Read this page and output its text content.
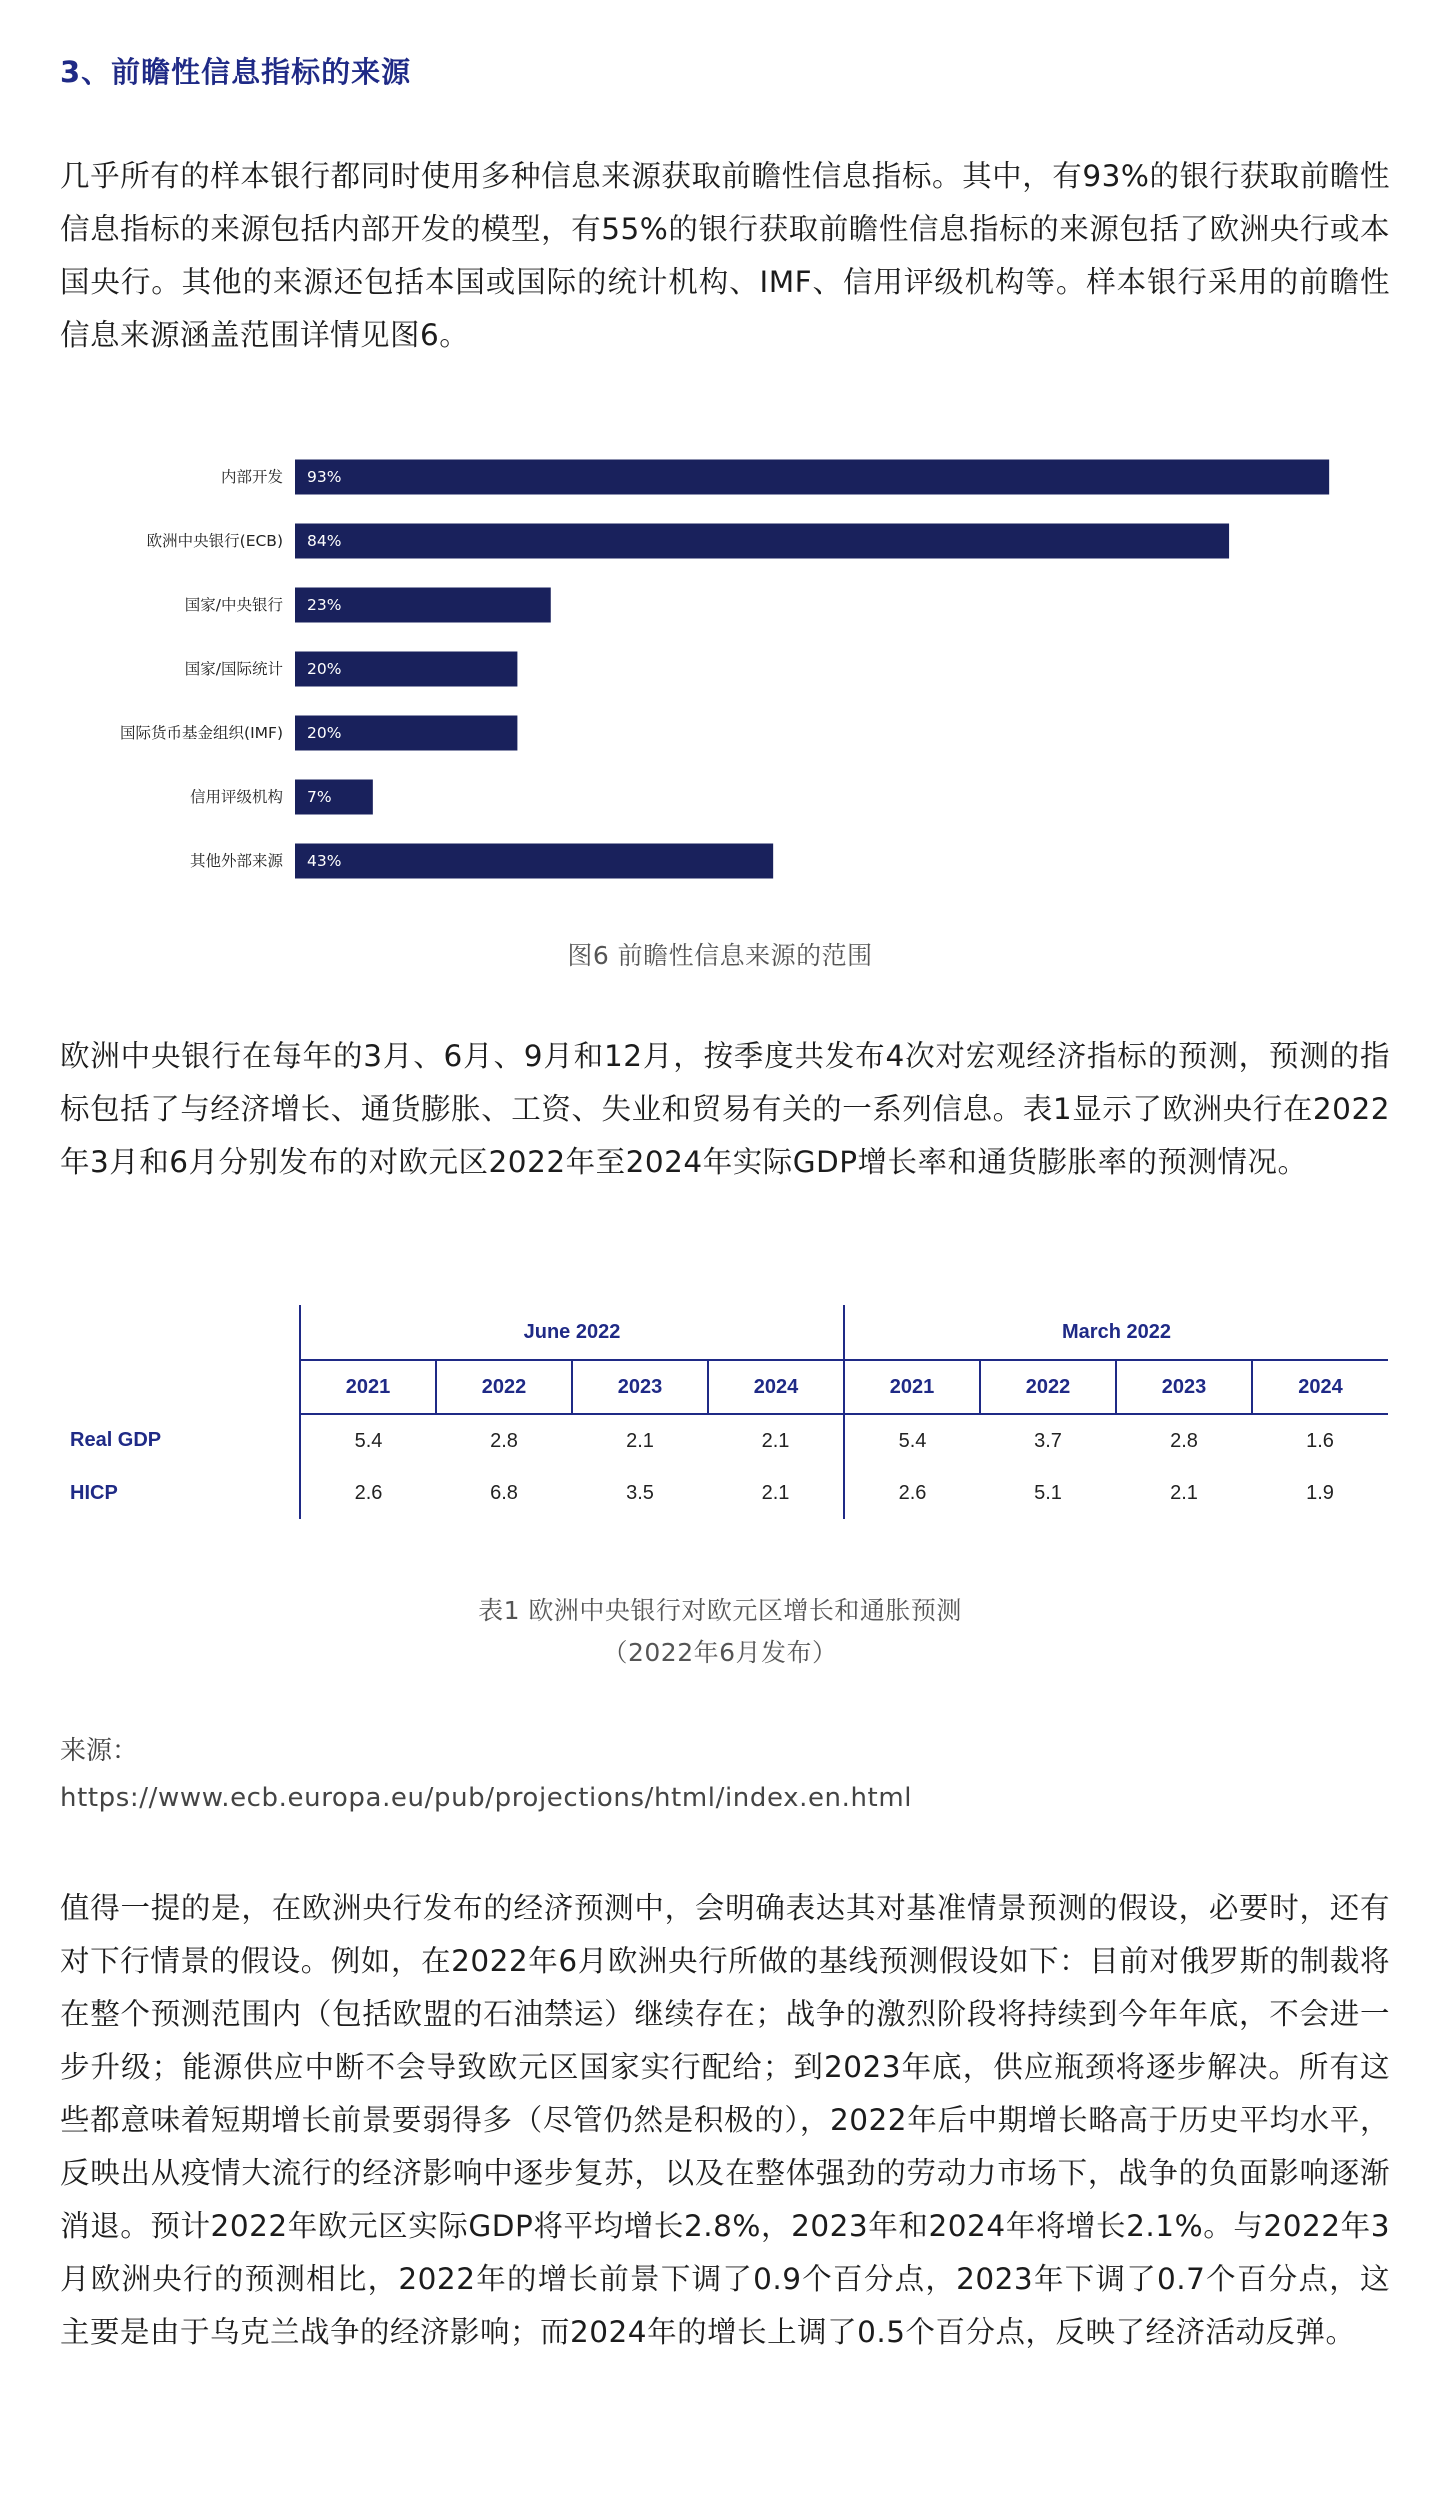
3、前瞻性信息指标的来源

几乎所有的样本银行都同时使用多种信息来源获取前瞻性信息指标。其中，有93%的银行获取前瞻性信息指标的来源包括内部开发的模型，有55%的银行获取前瞻性信息指标的来源包括了欧洲央行或本国央行。其他的来源还包括本国或国际的统计机构、IMF、信用评级机构等。样本银行采用的前瞻性信息来源涵盖范围详情见图6。

内部开发 93%
欧洲中央银行(ECB) 84%
国家/中央银行 23%
国家/国际统计 20%
国际货币基金组织(IMF) 20%
信用评级机构 7%
其他外部来源 43%

图6 前瞻性信息来源的范围

欧洲中央银行在每年的3月、6月、9月和12月，按季度共发布4次对宏观经济指标的预测，预测的指标包括了与经济增长、通货膨胀、工资、失业和贸易有关的一系列信息。表1显示了欧洲央行在2022年3月和6月分别发布的对欧元区2022年至2024年实际GDP增长率和通货膨胀率的预测情况。

	June 2022				March 2022			
	2021	2022	2023	2024	2021	2022	2023	2024
Real GDP	5.4	2.8	2.1	2.1	5.4	3.7	2.8	1.6
HICP	2.6	6.8	3.5	2.1	2.6	5.1	2.1	1.9
表1 欧洲中央银行对欧元区增长和通胀预测
（2022年6月发布）

来源：

https://www.ecb.europa.eu/pub/projections/html/index.en.html

值得一提的是，在欧洲央行发布的经济预测中，会明确表达其对基准情景预测的假设，必要时，还有对下行情景的假设。例如，在2022年6月欧洲央行所做的基线预测假设如下：目前对俄罗斯的制裁将在整个预测范围内（包括欧盟的石油禁运）继续存在；战争的激烈阶段将持续到今年年底，不会进一步升级；能源供应中断不会导致欧元区国家实行配给；到2023年底，供应瓶颈将逐步解决。所有这些都意味着短期增长前景要弱得多（尽管仍然是积极的），2022年后中期增长略高于历史平均水平，反映出从疫情大流行的经济影响中逐步复苏，以及在整体强劲的劳动力市场下，战争的负面影响逐渐消退。预计2022年欧元区实际GDP将平均增长2.8%，2023年和2024年将增长2.1%。与2022年3月欧洲央行的预测相比，2022年的增长前景下调了0.9个百分点，2023年下调了0.7个百分点，这主要是由于乌克兰战争的经济影响；而2024年的增长上调了0.5个百分点，反映了经济活动反弹。
